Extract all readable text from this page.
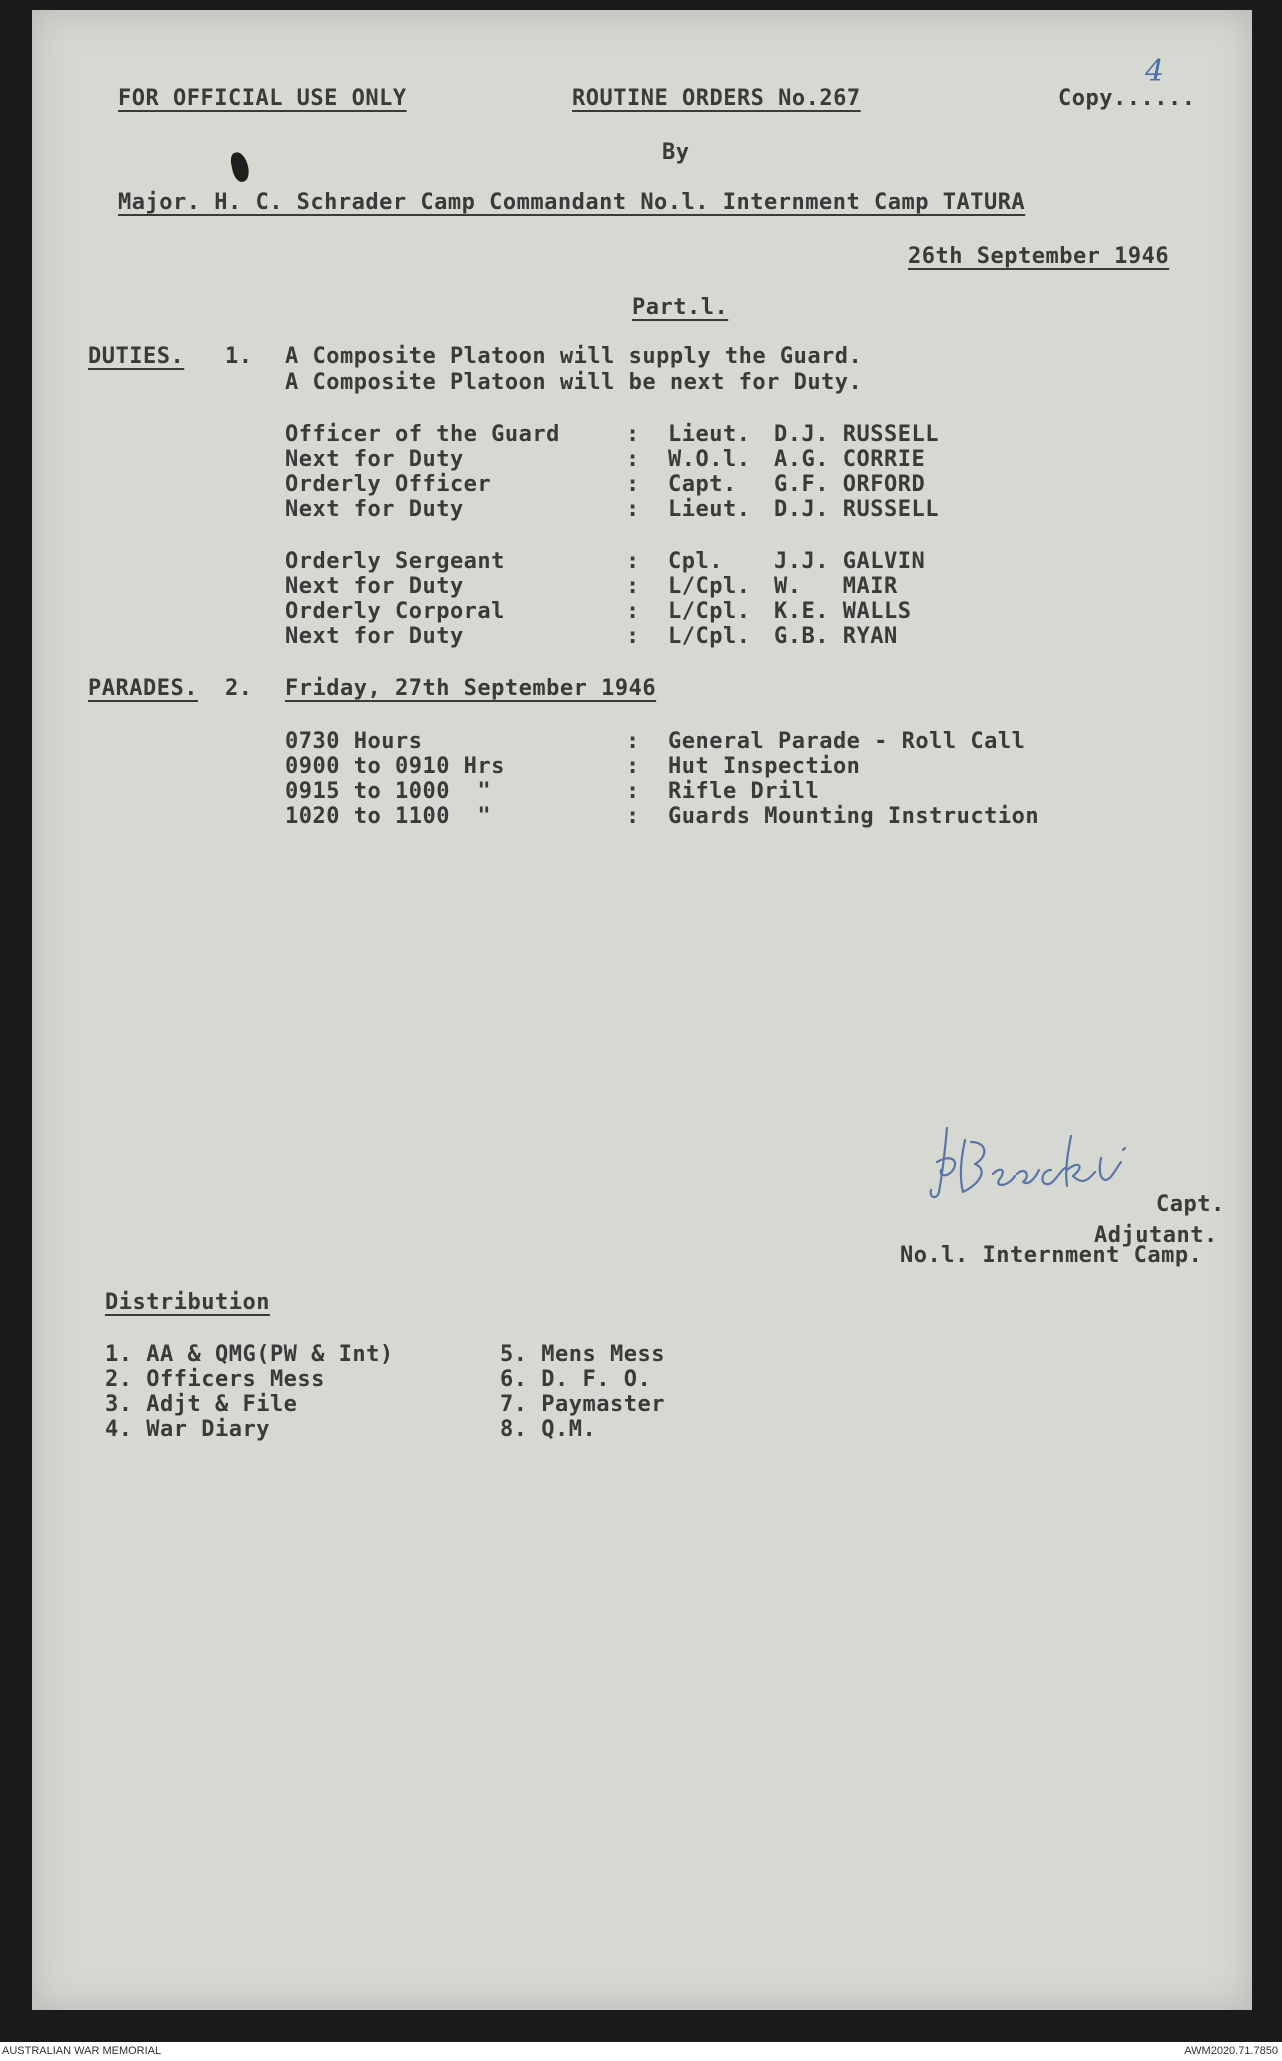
FOR OFFICIAL USE ONLY	ROUTINE ORDERS No.267	Copy......
4
By
Major. H. C. Schrader Camp Commandant No.l. Internment Camp TATURA
26th September 1946
Part.l.
DUTIES. 1. A Composite Platoon will supply the Guard.
A Composite Platoon will be next for Duty.
Officer of the Guard	: Lieut. D.J. RUSSELL
Next for Duty	: W.O.l. A.G. CORRIE
Orderly Officer	: Capt. G.F. ORFORD
Next for Duty	: Lieut. D.J. RUSSELL
Orderly Sergeant	: Cpl. J.J. GALVIN
Next for Duty	: L/Cpl. W.   MAIR
Orderly Corporal	: L/Cpl. K.E. WALLS
Next for Duty	: L/Cpl. G.B. RYAN
PARADES. 2. Friday, 27th September 1946
0730 Hours	: General Parade - Roll Call
0900 to 0910 Hrs	: Hut Inspection
0915 to 1000  "	: Rifle Drill
1020 to 1100  "	: Guards Mounting Instruction
Capt.
Adjutant.
No.l. Internment Camp.
Distribution
1. AA & QMG(PW & Int)
2. Officers Mess
3. Adjt & File
4. War Diary
5. Mens Mess
6. D. F. O.
7. Paymaster
8. Q.M.
AUSTRALIAN WAR MEMORIAL	AWM2020.71.7850
